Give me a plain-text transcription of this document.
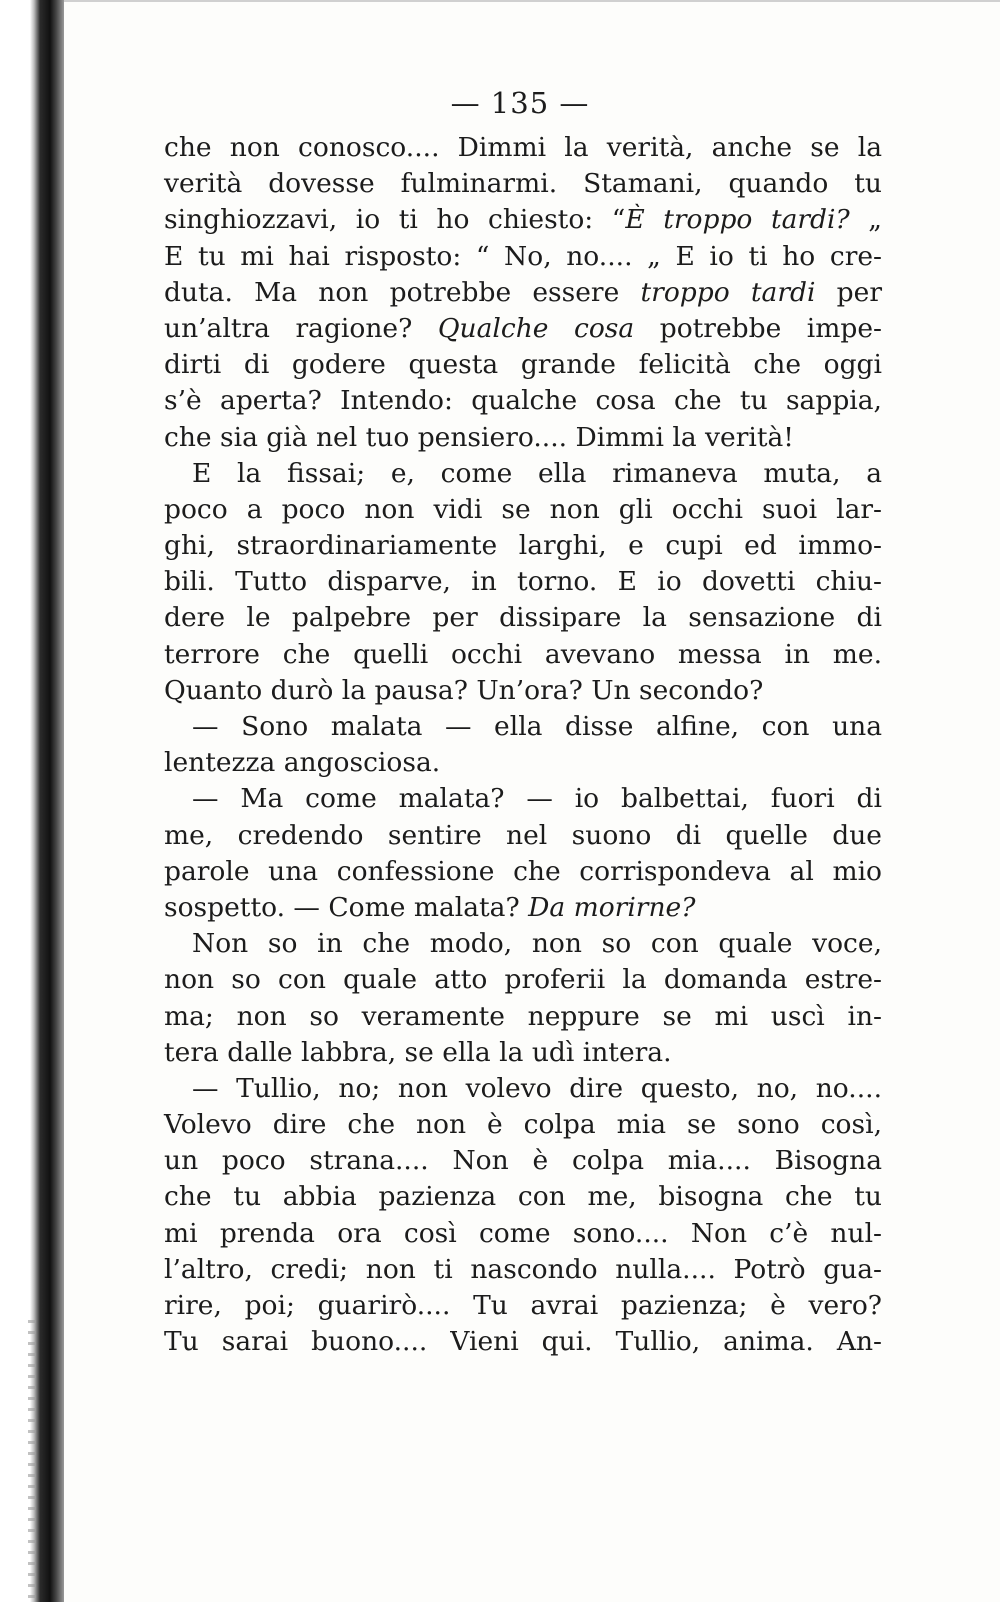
— 135 —
che non conosco.... Dimmi la verità, anche se la
verità dovesse fulminarmi. Stamani, quando tu
singhiozzavi, io ti ho chiesto: “È troppo tardi? „
E tu mi hai risposto: “ No, no.... „ E io ti ho cre-
duta. Ma non potrebbe essere troppo tardi per
un’altra ragione? Qualche cosa potrebbe impe-
dirti di godere questa grande felicità che oggi
s’è aperta? Intendo: qualche cosa che tu sappia,
che sia già nel tuo pensiero.... Dimmi la verità!
E la fissai; e, come ella rimaneva muta, a
poco a poco non vidi se non gli occhi suoi lar-
ghi, straordinariamente larghi, e cupi ed immo-
bili. Tutto disparve, in torno. E io dovetti chiu-
dere le palpebre per dissipare la sensazione di
terrore che quelli occhi avevano messa in me.
Quanto durò la pausa? Un’ora? Un secondo?
— Sono malata — ella disse alfine, con una
lentezza angosciosa.
— Ma come malata? — io balbettai, fuori di
me, credendo sentire nel suono di quelle due
parole una confessione che corrispondeva al mio
sospetto. — Come malata? Da morirne?
Non so in che modo, non so con quale voce,
non so con quale atto proferii la domanda estre-
ma; non so veramente neppure se mi uscì in-
tera dalle labbra, se ella la udì intera.
— Tullio, no; non volevo dire questo, no, no....
Volevo dire che non è colpa mia se sono così,
un poco strana.... Non è colpa mia.... Bisogna
che tu abbia pazienza con me, bisogna che tu
mi prenda ora così come sono.... Non c’è nul-
l’altro, credi; non ti nascondo nulla.... Potrò gua-
rire, poi; guarirò.... Tu avrai pazienza; è vero?
Tu sarai buono.... Vieni qui. Tullio, anima. An-
